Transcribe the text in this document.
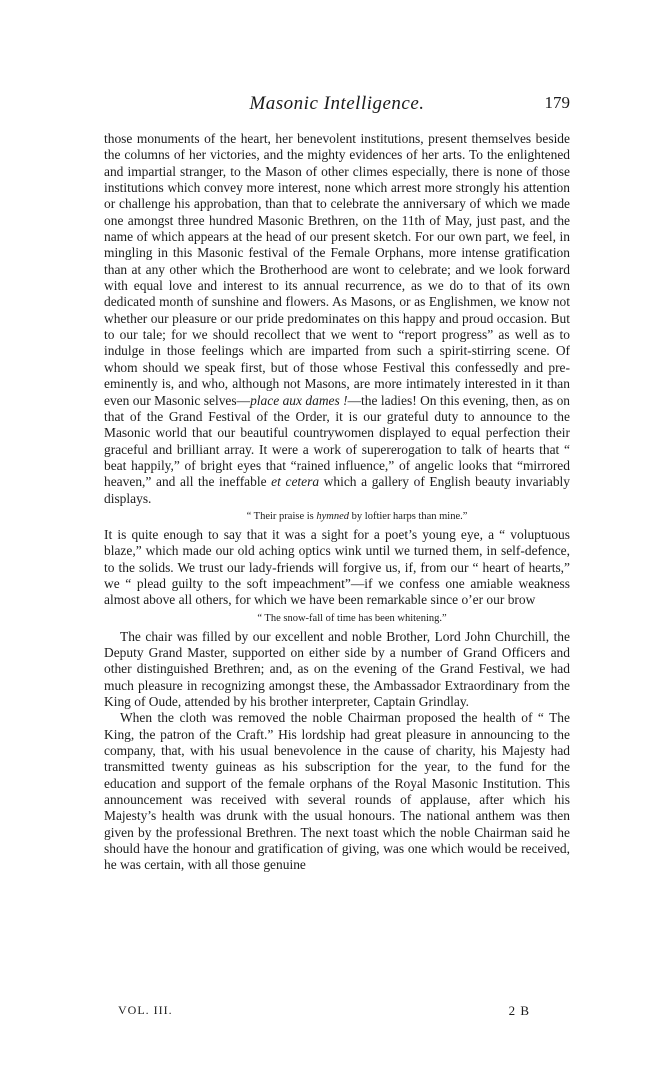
Masonic Intelligence.	179

those monuments of the heart, her benevolent institutions, present themselves beside the columns of her victories, and the mighty evidences of her arts. To the enlightened and impartial stranger, to the Mason of other climes especially, there is none of those institutions which convey more interest, none which arrest more strongly his attention or challenge his approbation, than that to celebrate the anniversary of which we made one amongst three hundred Masonic Brethren, on the 11th of May, just past, and the name of which appears at the head of our present sketch. For our own part, we feel, in mingling in this Masonic festival of the Female Orphans, more intense gratification than at any other which the Brotherhood are wont to celebrate; and we look forward with equal love and interest to its annual recurrence, as we do to that of its own dedicated month of sunshine and flowers. As Masons, or as Englishmen, we know not whether our pleasure or our pride predominates on this happy and proud occasion. But to our tale; for we should recollect that we went to “report progress” as well as to indulge in those feelings which are imparted from such a spirit-stirring scene. Of whom should we speak first, but of those whose Festival this confessedly and pre-eminently is, and who, although not Masons, are more intimately interested in it than even our Masonic selves—place aux dames !—the ladies! On this evening, then, as on that of the Grand Festival of the Order, it is our grateful duty to announce to the Masonic world that our beautiful countrywomen displayed to equal perfection their graceful and brilliant array. It were a work of supererogation to talk of hearts that “ beat happily,” of bright eyes that “rained influence,” of angelic looks that “mirrored heaven,” and all the ineffable et cetera which a gallery of English beauty invariably displays.

“ Their praise is hymned by loftier harps than mine.”

It is quite enough to say that it was a sight for a poet’s young eye, a “ voluptuous blaze,” which made our old aching optics wink until we turned them, in self-defence, to the solids. We trust our lady-friends will forgive us, if, from our “ heart of hearts,” we “ plead guilty to the soft impeachment”—if we confess one amiable weakness almost above all others, for which we have been remarkable since o’er our brow

“ The snow-fall of time has been whitening.”

The chair was filled by our excellent and noble Brother, Lord John Churchill, the Deputy Grand Master, supported on either side by a number of Grand Officers and other distinguished Brethren; and, as on the evening of the Grand Festival, we had much pleasure in recognizing amongst these, the Ambassador Extraordinary from the King of Oude, attended by his brother interpreter, Captain Grindlay.

When the cloth was removed the noble Chairman proposed the health of “ The King, the patron of the Craft.” His lordship had great pleasure in announcing to the company, that, with his usual benevolence in the cause of charity, his Majesty had transmitted twenty guineas as his subscription for the year, to the fund for the education and support of the female orphans of the Royal Masonic Institution. This announcement was received with several rounds of applause, after which his Majesty’s health was drunk with the usual honours. The national anthem was then given by the professional Brethren. The next toast which the noble Chairman said he should have the honour and gratification of giving, was one which would be received, he was certain, with all those genuine

VOL. III.	2 B
